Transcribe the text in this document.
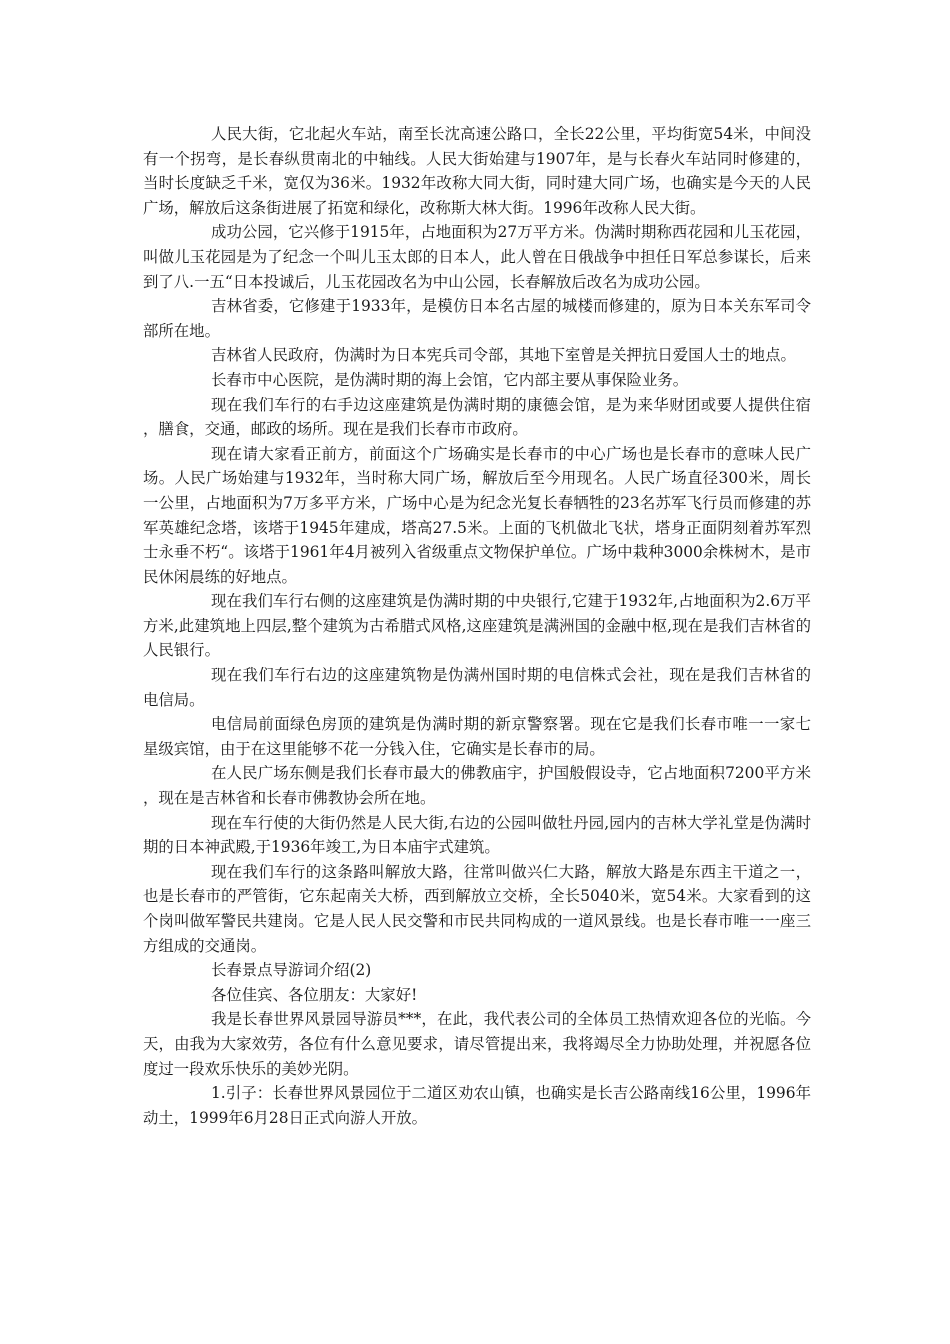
人民大街，它北起火车站，南至长沈高速公路口，全长22公里，平均街宽54米，中间没有一个拐弯，是长春纵贯南北的中轴线。人民大街始建与1907年，是与长春火车站同时修建的，当时长度缺乏千米，宽仅为36米。1932年改称大同大街，同时建大同广场，也确实是今天的人民广场，解放后这条街进展了拓宽和绿化，改称斯大林大街。1996年改称人民大街。

成功公园，它兴修于1915年，占地面积为27万平方米。伪满时期称西花园和儿玉花园，叫做儿玉花园是为了纪念一个叫儿玉太郎的日本人，此人曾在日俄战争中担任日军总参谋长，后来到了八.一五“日本投诚后，儿玉花园改名为中山公园，长春解放后改名为成功公园。

吉林省委，它修建于1933年，是模仿日本名古屋的城楼而修建的，原为日本关东军司令部所在地。

吉林省人民政府，伪满时为日本宪兵司令部，其地下室曾是关押抗日爱国人士的地点。

长春市中心医院，是伪满时期的海上会馆，它内部主要从事保险业务。

现在我们车行的右手边这座建筑是伪满时期的康德会馆，是为来华财团或要人提供住宿，膳食，交通，邮政的场所。现在是我们长春市市政府。

现在请大家看正前方，前面这个广场确实是长春市的中心广场也是长春市的意味人民广场。人民广场始建与1932年，当时称大同广场，解放后至今用现名。人民广场直径300米，周长一公里，占地面积为7万多平方米，广场中心是为纪念光复长春牺牲的23名苏军飞行员而修建的苏军英雄纪念塔，该塔于1945年建成，塔高27.5米。上面的飞机做北飞状，塔身正面阴刻着苏军烈士永垂不朽“。该塔于1961年4月被列入省级重点文物保护单位。广场中栽种3000余株树木，是市民休闲晨练的好地点。

现在我们车行右侧的这座建筑是伪满时期的中央银行,它建于1932年,占地面积为2.6万平方米,此建筑地上四层,整个建筑为古希腊式风格,这座建筑是满洲国的金融中枢,现在是我们吉林省的人民银行。

现在我们车行右边的这座建筑物是伪满州国时期的电信株式会社，现在是我们吉林省的电信局。

电信局前面绿色房顶的建筑是伪满时期的新京警察署。现在它是我们长春市唯一一家七星级宾馆，由于在这里能够不花一分钱入住，它确实是长春市的局。

在人民广场东侧是我们长春市最大的佛教庙宇，护国般假设寺，它占地面积7200平方米，现在是吉林省和长春市佛教协会所在地。

现在车行使的大街仍然是人民大街,右边的公园叫做牡丹园,园内的吉林大学礼堂是伪满时期的日本神武殿,于1936年竣工,为日本庙宇式建筑。

现在我们车行的这条路叫解放大路，往常叫做兴仁大路，解放大路是东西主干道之一，也是长春市的严管街，它东起南关大桥，西到解放立交桥，全长5040米，宽54米。大家看到的这个岗叫做军警民共建岗。它是人民人民交警和市民共同构成的一道风景线。也是长春市唯一一座三方组成的交通岗。

长春景点导游词介绍(2)

各位佳宾、各位朋友：大家好!

我是长春世界风景园导游员***，在此，我代表公司的全体员工热情欢迎各位的光临。今天，由我为大家效劳，各位有什么意见要求，请尽管提出来，我将竭尽全力协助处理，并祝愿各位度过一段欢乐快乐的美妙光阴。

1.引子：长春世界风景园位于二道区劝农山镇，也确实是长吉公路南线16公里，1996年动土，1999年6月28日正式向游人开放。
